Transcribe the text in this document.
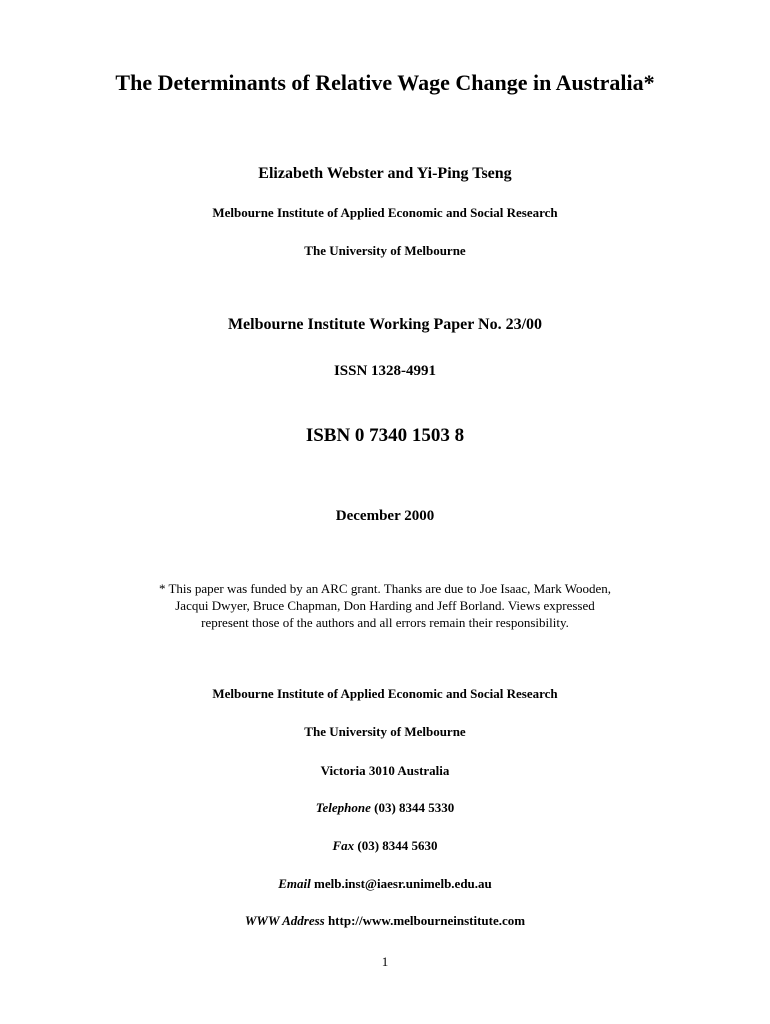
The Determinants of Relative Wage Change in Australia*

Elizabeth Webster and Yi-Ping Tseng

Melbourne Institute of Applied Economic and Social Research

The University of Melbourne

Melbourne Institute Working Paper No. 23/00

ISSN 1328-4991

ISBN 0 7340 1503 8

December 2000

* This paper was funded by an ARC grant. Thanks are due to Joe Isaac, Mark Wooden, Jacqui Dwyer, Bruce Chapman, Don Harding and Jeff Borland. Views expressed represent those of the authors and all errors remain their responsibility.

Melbourne Institute of Applied Economic and Social Research

The University of Melbourne

Victoria 3010 Australia

Telephone (03) 8344 5330

Fax (03) 8344 5630

Email melb.inst@iaesr.unimelb.edu.au

WWW Address http://www.melbourneinstitute.com

1
